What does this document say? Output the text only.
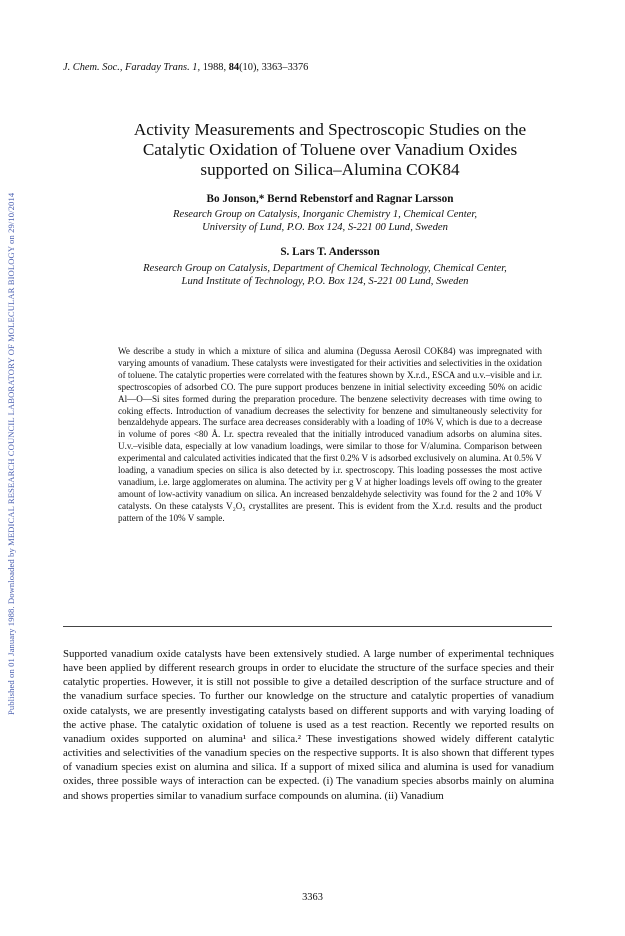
Published on 01 January 1988. Downloaded by MEDICAL RESEARCH COUNCIL LABORATORY OF MOLECULAR BIOLOGY on 29/10/2014
J. Chem. Soc., Faraday Trans. 1, 1988, 84(10), 3363–3376
Activity Measurements and Spectroscopic Studies on the
Catalytic Oxidation of Toluene over Vanadium Oxides
supported on Silica–Alumina COK84
Bo Jonson,* Bernd Rebenstorf and Ragnar Larsson
Research Group on Catalysis, Inorganic Chemistry 1, Chemical Center,
University of Lund, P.O. Box 124, S-221 00 Lund, Sweden
S. Lars T. Andersson
Research Group on Catalysis, Department of Chemical Technology, Chemical Center,
Lund Institute of Technology, P.O. Box 124, S-221 00 Lund, Sweden

We describe a study in which a mixture of silica and alumina (Degussa Aerosil COK84) was impregnated with varying amounts of vanadium. These catalysts were investigated for their activities and selectivities in the oxidation of toluene. The catalytic properties were correlated with the features shown by X.r.d., ESCA and u.v.–visible and i.r. spectroscopies of adsorbed CO. The pure support produces benzene in initial selectivity exceeding 50% on acidic Al—O—Si sites formed during the preparation procedure. The benzene selectivity decreases with time owing to coking effects. Introduction of vanadium decreases the selectivity for benzene and simultaneously selectivity for benzaldehyde appears. The surface area decreases considerably with a loading of 10% V, which is due to a decrease in volume of pores <80 Å. I.r. spectra revealed that the initially introduced vanadium adsorbs on alumina sites. U.v.–visible data, especially at low vanadium loadings, were similar to those for V/alumina. Comparison between experimental and calculated activities indicated that the first 0.2% V is adsorbed exclusively on alumina. At 0.5% V loading, a vanadium species on silica is also detected by i.r. spectroscopy. This loading possesses the most active vanadium, i.e. large agglomerates on alumina. The activity per g V at higher loadings levels off owing to the greater amount of low-activity vanadium on silica. An increased benzaldehyde selectivity was found for the 2 and 10% V catalysts. On these catalysts V₂O₅ crystallites are present. This is evident from the X.r.d. results and the product pattern of the 10% V sample.

Supported vanadium oxide catalysts have been extensively studied. A large number of experimental techniques have been applied by different research groups in order to elucidate the structure of the surface species and their catalytic properties. However, it is still not possible to give a detailed description of the surface structure and of the vanadium surface species. To further our knowledge on the structure and catalytic properties of vanadium oxide catalysts, we are presently investigating catalysts based on different supports and with varying loading of the active phase. The catalytic oxidation of toluene is used as a test reaction. Recently we reported results on vanadium oxides supported on alumina¹ and silica.² These investigations showed widely different catalytic activities and selectivities of the vanadium species on the respective supports. It is also shown that different types of vanadium species exist on alumina and silica. If a support of mixed silica and alumina is used for vanadium oxides, three possible ways of interaction can be expected. (i) The vanadium species absorbs mainly on alumina and shows properties similar to vanadium surface compounds on alumina. (ii) Vanadium

3363
